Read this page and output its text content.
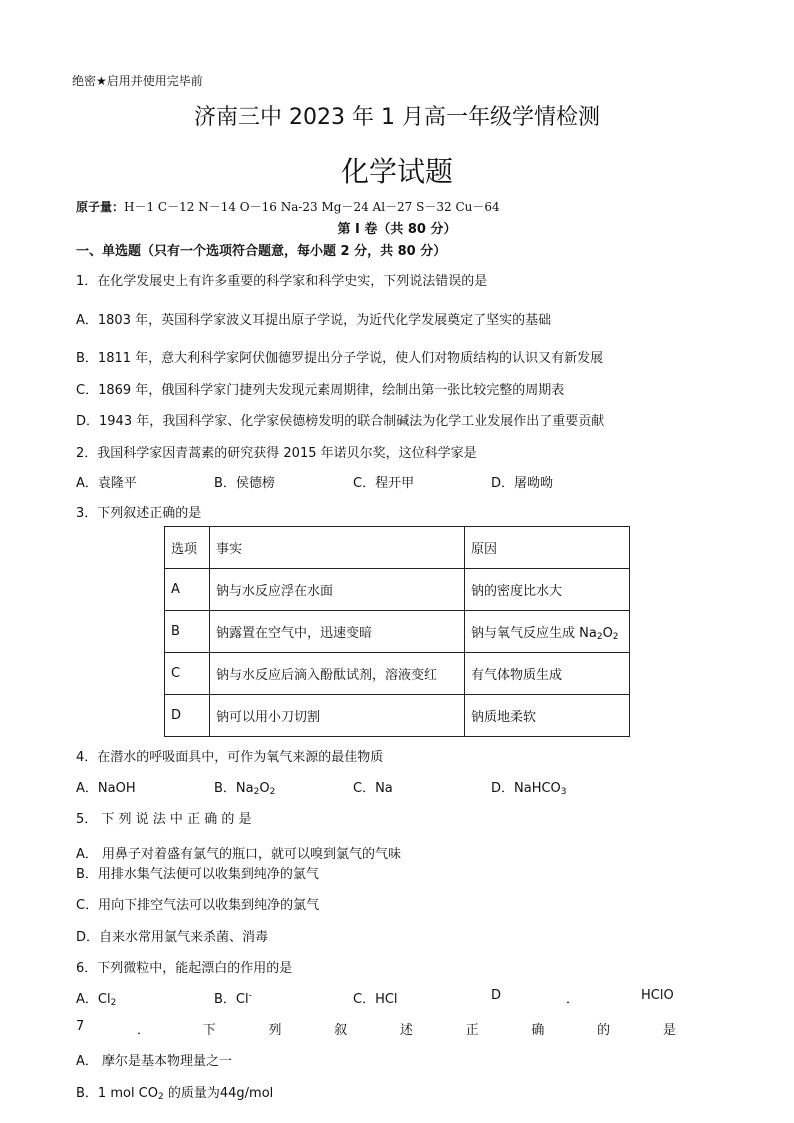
绝密★启用并使用完毕前
济南三中 2023 年 1 月高一年级学情检测
化学试题
原子量：H－1 C－12 N－14 O－16 Na-23 Mg－24 Al－27 S－32 Cu－64
第 Ⅰ 卷（共 80 分）
一、单选题（只有一个选项符合题意，每小题 2 分，共 80 分）
1．在化学发展史上有许多重要的科学家和科学史实，下列说法错误的是
A．1803 年，英国科学家波义耳提出原子学说，为近代化学发展奠定了坚实的基础
B．1811 年，意大利科学家阿伏伽德罗提出分子学说，使人们对物质结构的认识又有新发展
C．1869 年，俄国科学家门捷列夫发现元素周期律，绘制出第一张比较完整的周期表
D．1943 年，我国科学家、化学家侯德榜发明的联合制碱法为化学工业发展作出了重要贡献
2．我国科学家因青蒿素的研究获得 2015 年诺贝尔奖，这位科学家是
A．袁隆平	B．侯德榜	C．程开甲	D．屠呦呦
3．下列叙述正确的是
选项	事实	原因
A	钠与水反应浮在水面	钠的密度比水大
B	钠露置在空气中，迅速变暗	钠与氧气反应生成 $Na_2O_2$
C	钠与水反应后滴入酚酞试剂，溶液变红	有气体物质生成
D	钠可以用小刀切割	钠质地柔软
4．在潜水的呼吸面具中，可作为氧气来源的最佳物质
A．NaOH	B．$Na_2O_2$	C．Na	D．NaHCO$_3$
5． 下 列 说 法 中 正 确 的 是
A． 用鼻子对着盛有氯气的瓶口，就可以嗅到氯气的气味
B．用排水集气法便可以收集到纯净的氯气
C．用向下排空气法可以收集到纯净的氯气
D．自来水常用氯气来杀菌、消毒
6．下列微粒中，能起漂白的作用的是
A．$Cl_2$	B．Cl-	C．HCl	D	．	HClO
7	．	下	列	叙	述	正	确	的	是
A． 摩尔是基本物理量之一
B．1 mol $CO_2$ 的质量为44g/mol
